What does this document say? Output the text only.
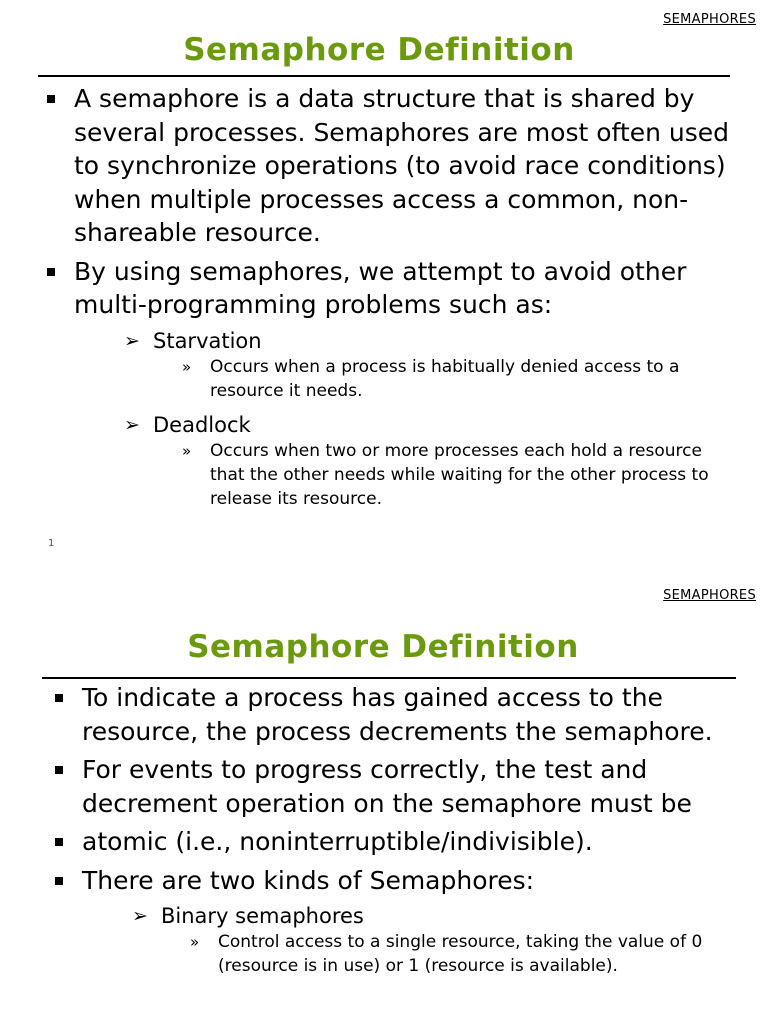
SEMAPHORES
Semaphore Definition
A semaphore is a data structure that is shared by several processes. Semaphores are most often used to synchronize operations (to avoid race conditions) when multiple processes access a common, non-shareable resource.
By using semaphores, we attempt to avoid other multi-programming problems such as:
➢ Starvation
» Occurs when a process is habitually denied access to a resource it needs.
➢ Deadlock
» Occurs when two or more processes each hold a resource that the other needs while waiting for the other process to release its resource.
1
SEMAPHORES
Semaphore Definition
To indicate a process has gained access to the resource, the process decrements the semaphore.
For events to progress correctly, the test and decrement operation on the semaphore must be
atomic (i.e., noninterruptible/indivisible).
There are two kinds of Semaphores:
➢ Binary semaphores
» Control access to a single resource, taking the value of 0 (resource is in use) or 1 (resource is available).
